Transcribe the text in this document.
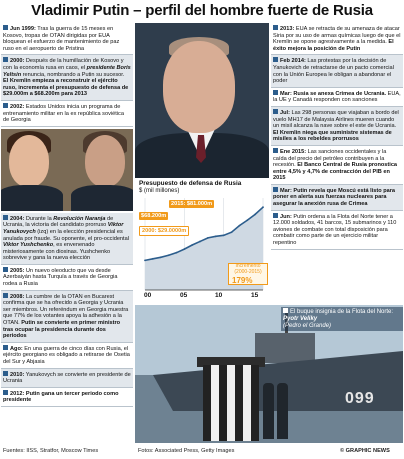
Vladimir Putin – perfil del hombre fuerte de Rusia
Jun 1999: Tras la guerra de 15 meses en Kosovo, tropas de OTAN dirigidas por EUA bloquean el esfuerzo de mantenimiento de paz ruso en el aeropuerto de Pristina
2000: Después de la humillación de Kosovo y con la economía rusa en caos, el presidente Boris Yeltsin renuncia, nombrando a Putin su sucesor. El Kremlin empieza a reconstruir el ejército ruso, incrementa el presupuesto de defensa de $29.000m a $68.200m para 2013
2002: Estados Unidos inicia un programa de entrenamiento militar en la ex república soviética de Georgia
2004: Durante la Revolución Naranja de Ucrania, la victoria del candidato prorruso Viktor Yanukovych (izq) en la elección presidencial es anulada por fraude. Su oponente, el pro-occidental Viktor Yushchenko, es envenenado misteriosamente con dioxinas. Yushchenko sobrevive y gana la nueva elección
2005: Un nuevo oleoducto que va desde Azerbaiyán hasta Turquía a través de Georgia rodea a Rusia
2008: La cumbre de la OTAN en Bucarest confirma que se ha ofrecido a Georgia y Ucrania ser miembros. Un referéndum en Georgia muestra que 77% de los votantes apoya la adhesión a la OTAN. Putin se convierte en primer ministro tras ocupar la presidencia durante dos periodos
Ago: En una guerra de cinco días con Rusia, el ejército georgiano es obligado a retirarse de Osetia del Sur y Abjasia
2010: Yanukovych se convierte en presidente de Ucrania
2012: Putin gana un tercer periodo como presidente
Presupuesto de defensa de Rusia
$ (mil millones)
2015: $81.000m
$68.200m
2000: $29.0000m
Incremento (2000-2015)
179%
00	05	10	15
2013: EUA se retracta de su amenaza de atacar Siria por su uso de armas químicas luego de que el Kremlin se opone agresivamente a la medida. El éxito mejora la posición de Putin
Feb 2014: Las protestas por la decisión de Yanukovich de retractarse de un pacto comercial con la Unión Europea le obligan a abandonar el poder
Mar: Rusia se anexa Crimea de Ucrania. EUA, la UE y Canadá responden con sanciones
Jul: Las 298 personas que viajaban a bordo del vuelo MH17 de Malaysia Airlines mueren cuando un misil alcanza la nave sobre el este de Ucrania. El Kremlin niega que suministre sistemas de misiles a los rebeldes prorrusos
Ene 2015: Las sanciones occidentales y la caída del precio del petróleo contribuyen a la recesión. El Banco Central de Rusia pronostica entre 4,5% y 4,7% de contracción del PIB en 2015
Mar: Putin revela que Moscú está listo para poner en alerta sus fuerzas nucleares para asegurar la anexión rusa de Crimea
Jun: Putin ordena a la Flota del Norte tener a 12.000 soldados, 41 barcos, 15 submarinos y 110 aviones de combate con total disposición para combatir como parte de un ejercicio militar repentino
099
El buque insignia de la Flota del Norte: Pyotr Veliky
(Pedro el Grande)
Fuentes: IISS, Stratfor, Moscow Times	Fotos: Associated Press, Getty Images	© GRAPHIC NEWS
